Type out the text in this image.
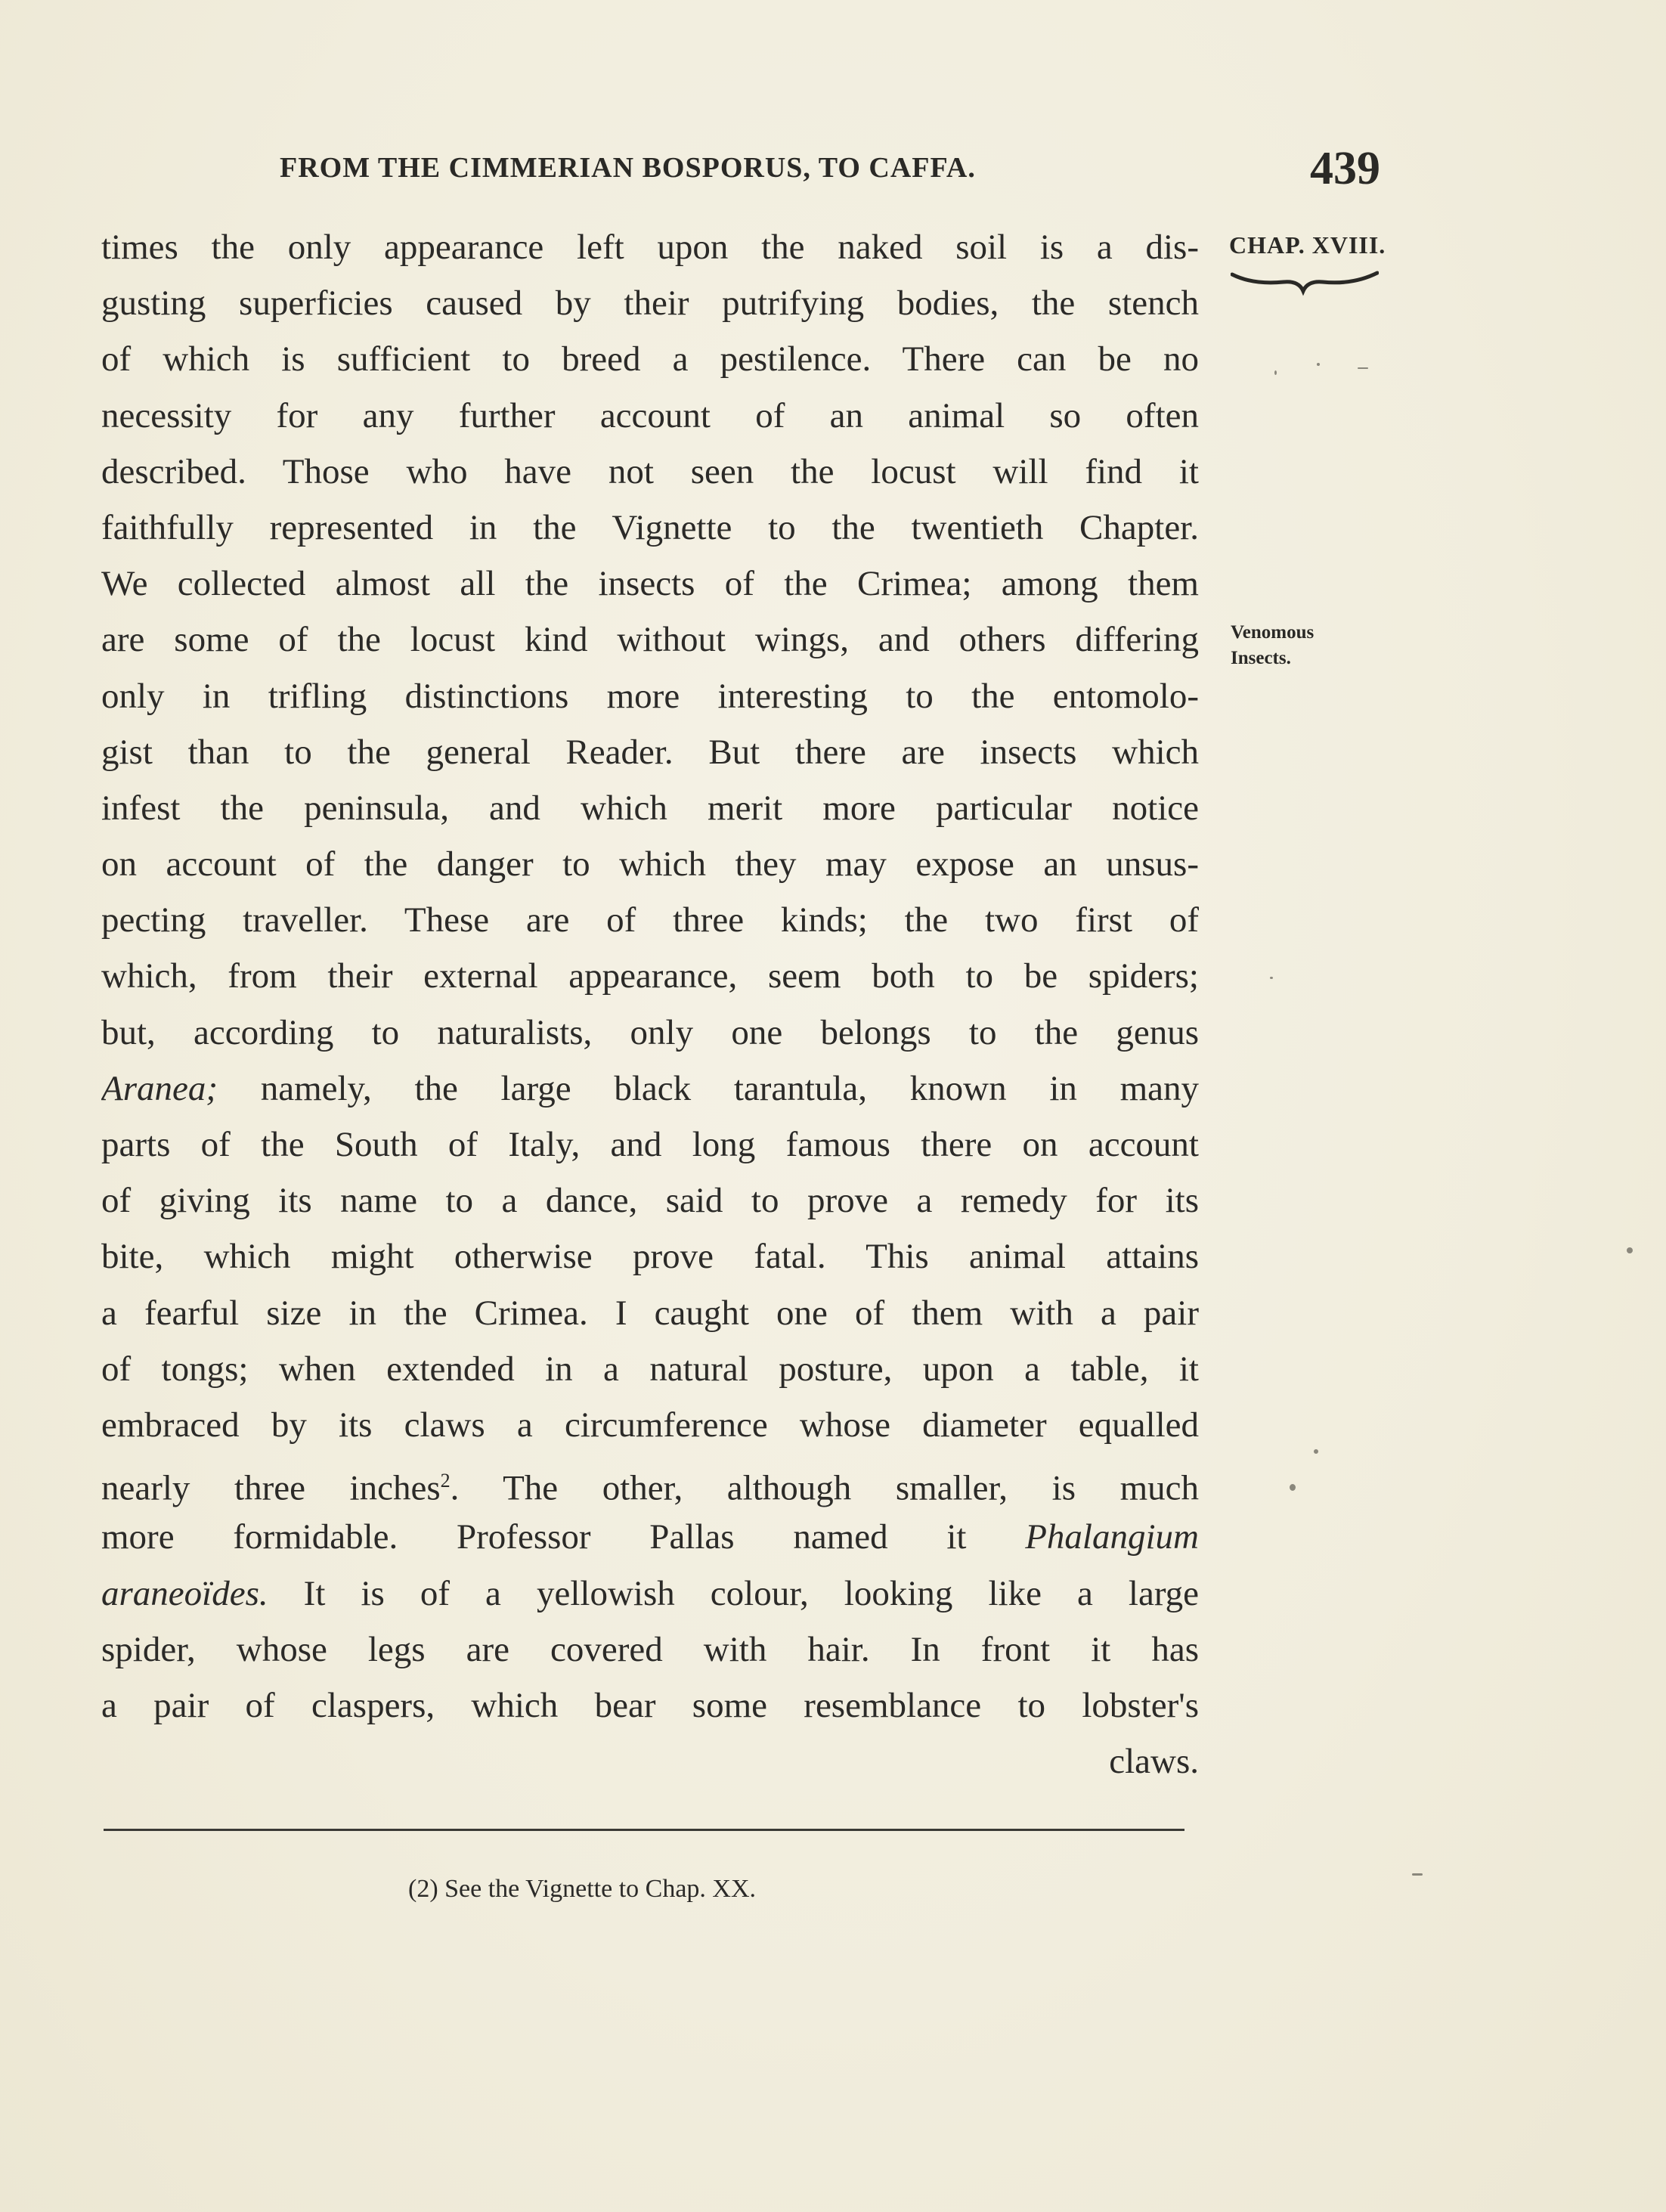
FROM THE CIMMERIAN BOSPORUS, TO CAFFA.	439
CHAP. XVIII.
Venomous
Insects.
times the only appearance left upon the naked soil is a dis-
gusting superficies caused by their putrifying bodies, the stench
of which is sufficient to breed a pestilence. There can be no
necessity for any further account of an animal so often
described. Those who have not seen the locust will find it
faithfully represented in the Vignette to the twentieth Chapter.
We collected almost all the insects of the Crimea; among them
are some of the locust kind without wings, and others differing
only in trifling distinctions more interesting to the entomolo-
gist than to the general Reader. But there are insects which
infest the peninsula, and which merit more particular notice
on account of the danger to which they may expose an unsus-
pecting traveller. These are of three kinds; the two first of
which, from their external appearance, seem both to be spiders;
but, according to naturalists, only one belongs to the genus
Aranea; namely, the large black tarantula, known in many
parts of the South of Italy, and long famous there on account
of giving its name to a dance, said to prove a remedy for its
bite, which might otherwise prove fatal. This animal attains
a fearful size in the Crimea. I caught one of them with a pair
of tongs; when extended in a natural posture, upon a table, it
embraced by its claws a circumference whose diameter equalled
nearly three inches$^2$. The other, although smaller, is much
more formidable. Professor Pallas named it Phalangium
araneoïdes. It is of a yellowish colour, looking like a large
spider, whose legs are covered with hair. In front it has
a pair of claspers, which bear some resemblance to lobster's
claws.
(2) See the Vignette to Chap. XX.
